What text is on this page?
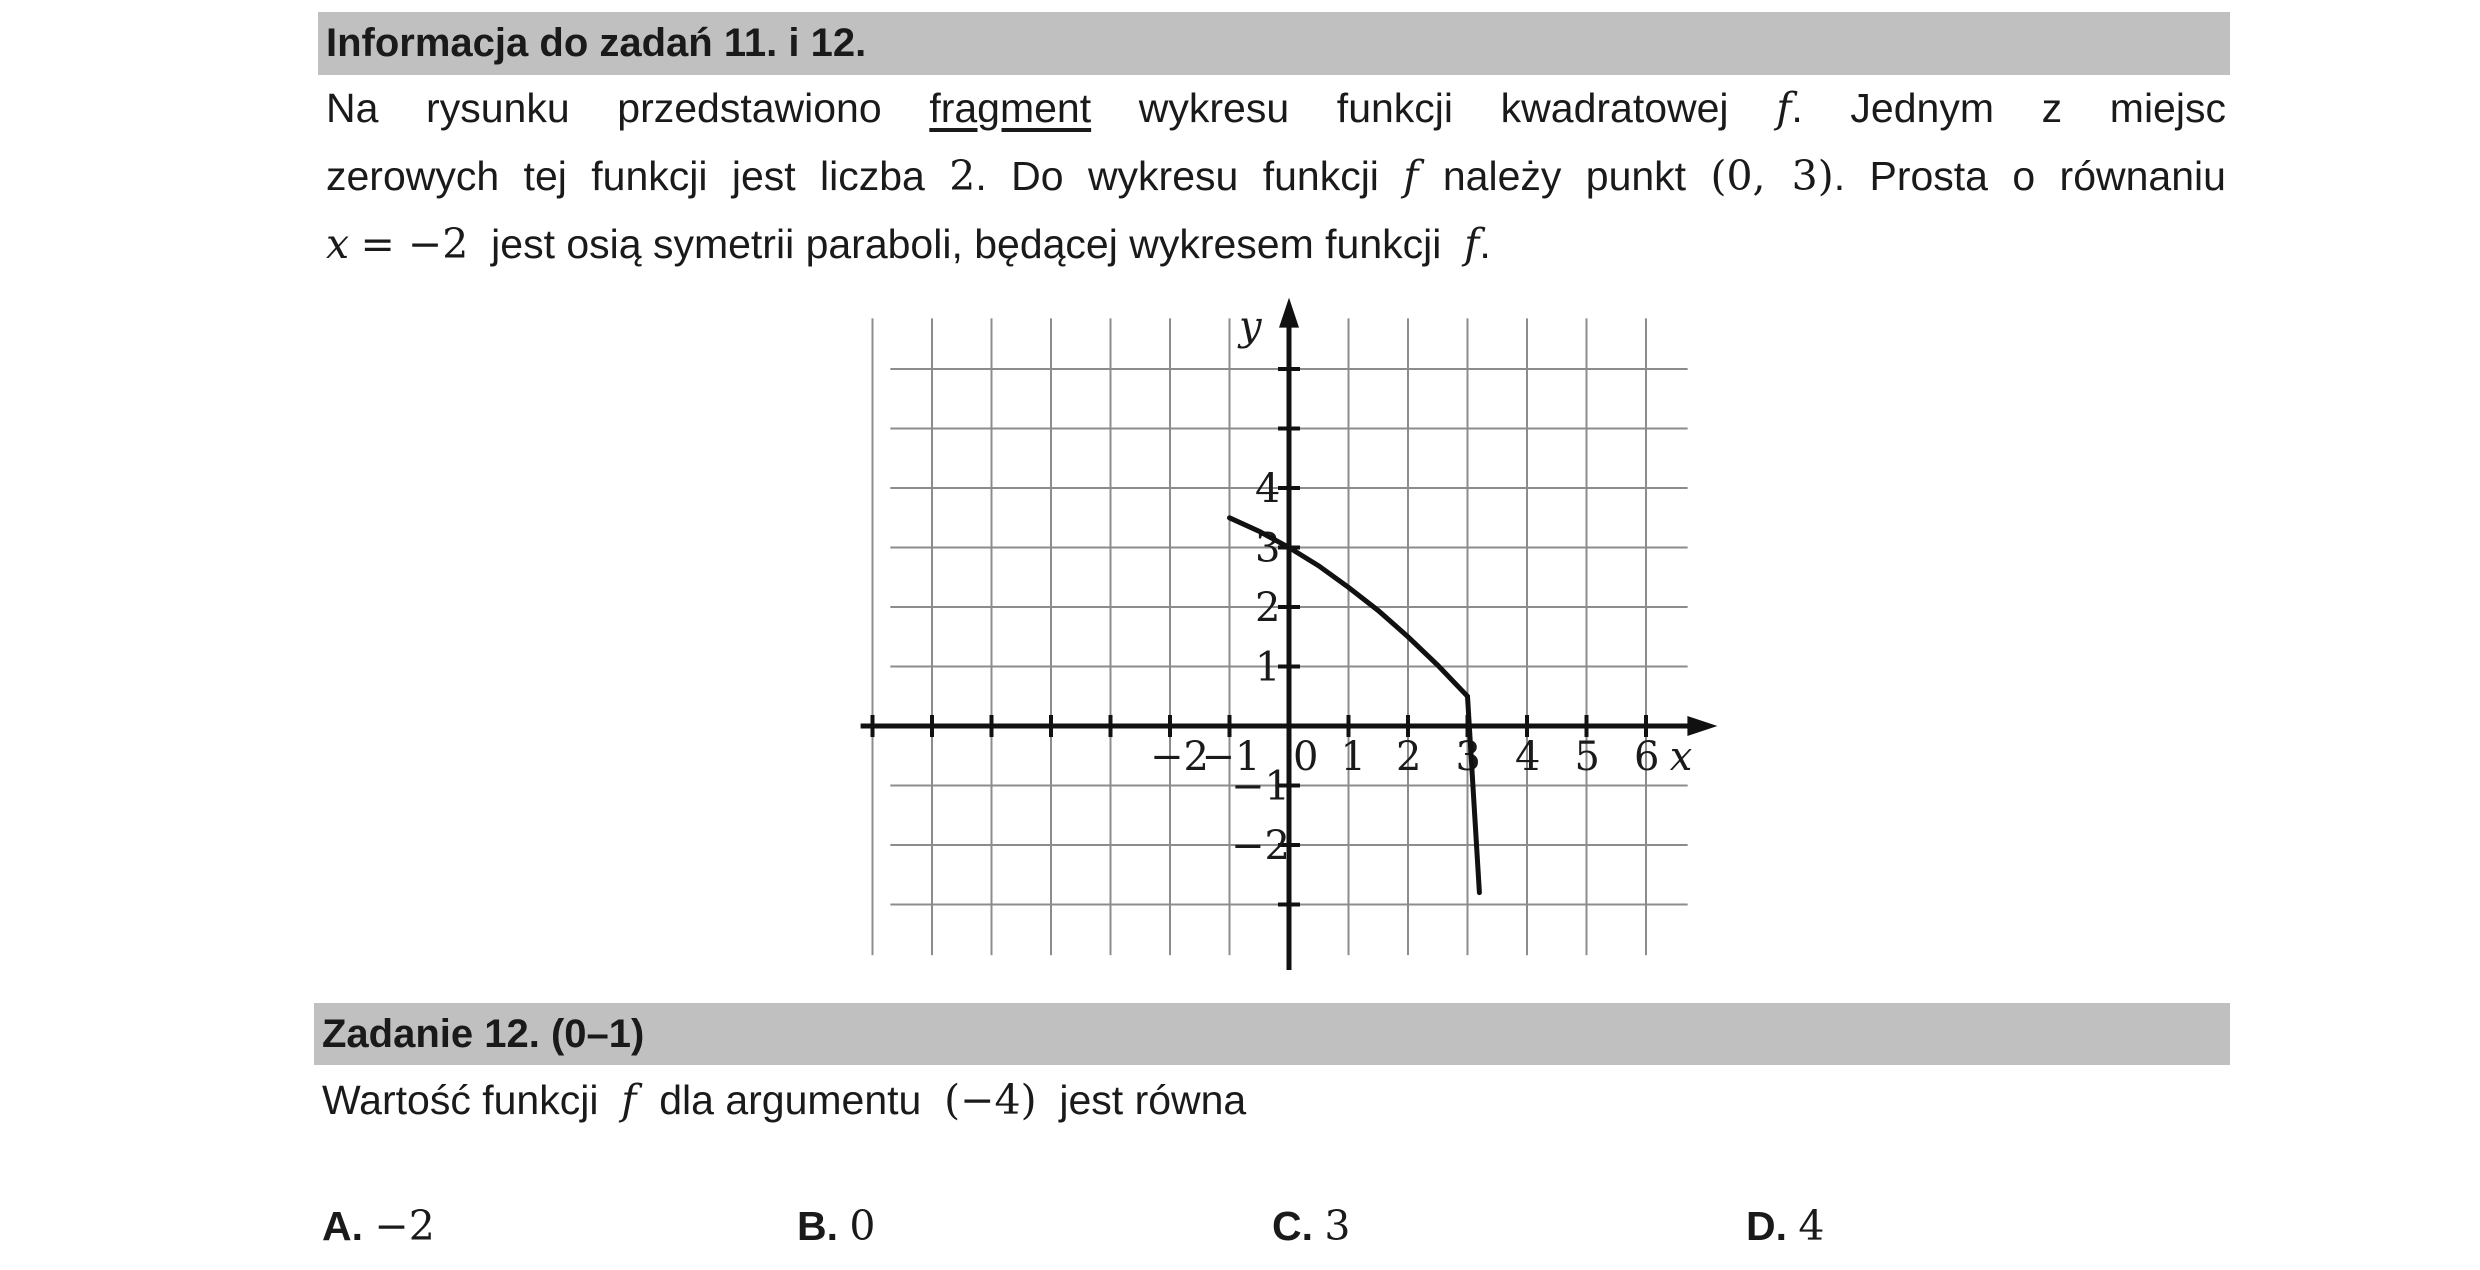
Informacja do zadań 11. i 12.
Na rysunku przedstawiono fragment wykresu funkcji kwadratowej f. Jednym z miejsc
zerowych tej funkcji jest liczba 2. Do wykresu funkcji f należy punkt (0, 3). Prosta o równaniu
x = −2 jest osią symetrii paraboli, będącej wykresem funkcji f.
−2
−1 0 1 2 3 4 5 6
4
3
2
1
−1
−2
x
y
Zadanie 12. (0–1)
Wartość funkcji f dla argumentu (−4) jest równa
A. −2	B. 0	C. 3	D. 4
